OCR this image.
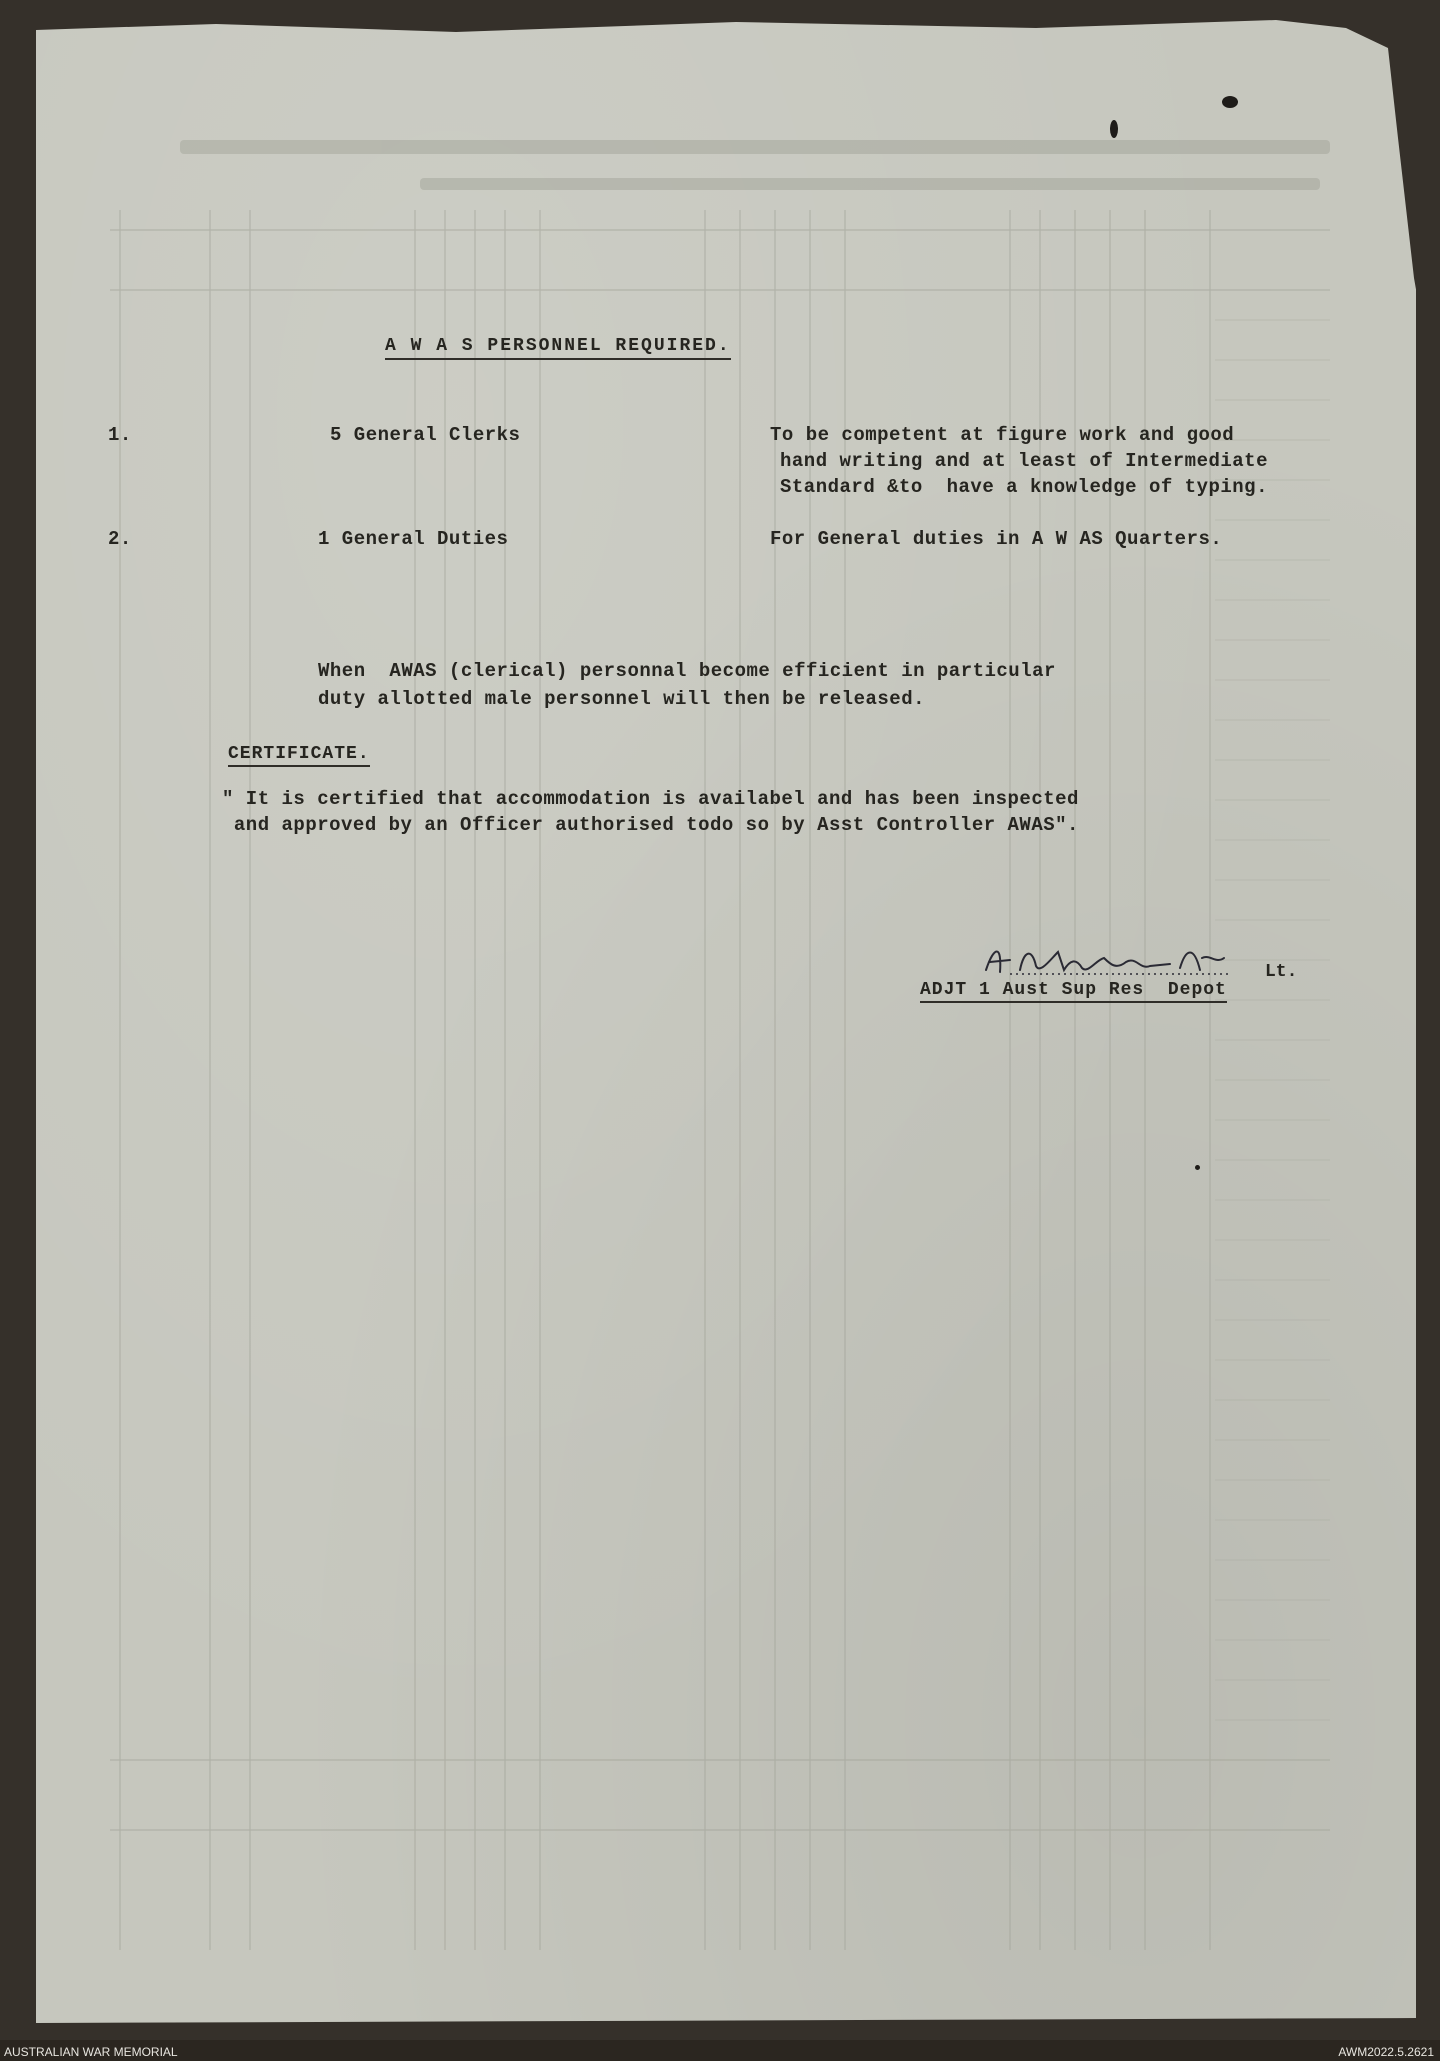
A W A S PERSONNEL REQUIRED.
1.	5 General Clerks	To be competent at figure work and good
hand writing and at least of Intermediate
Standard &to  have a knowledge of typing.
2.	1 General Duties	For General duties in A W AS Quarters.
When  AWAS (clerical) personnal become efficient in particular
duty allotted male personnel will then be released.
CERTIFICATE.
" It is certified that accommodation is availabel and has been inspected
and approved by an Officer authorised todo so by Asst Controller AWAS".
Lt.
ADJT 1 Aust Sup Res  Depot
AUSTRALIAN WAR MEMORIAL	AWM2022.5.2621
